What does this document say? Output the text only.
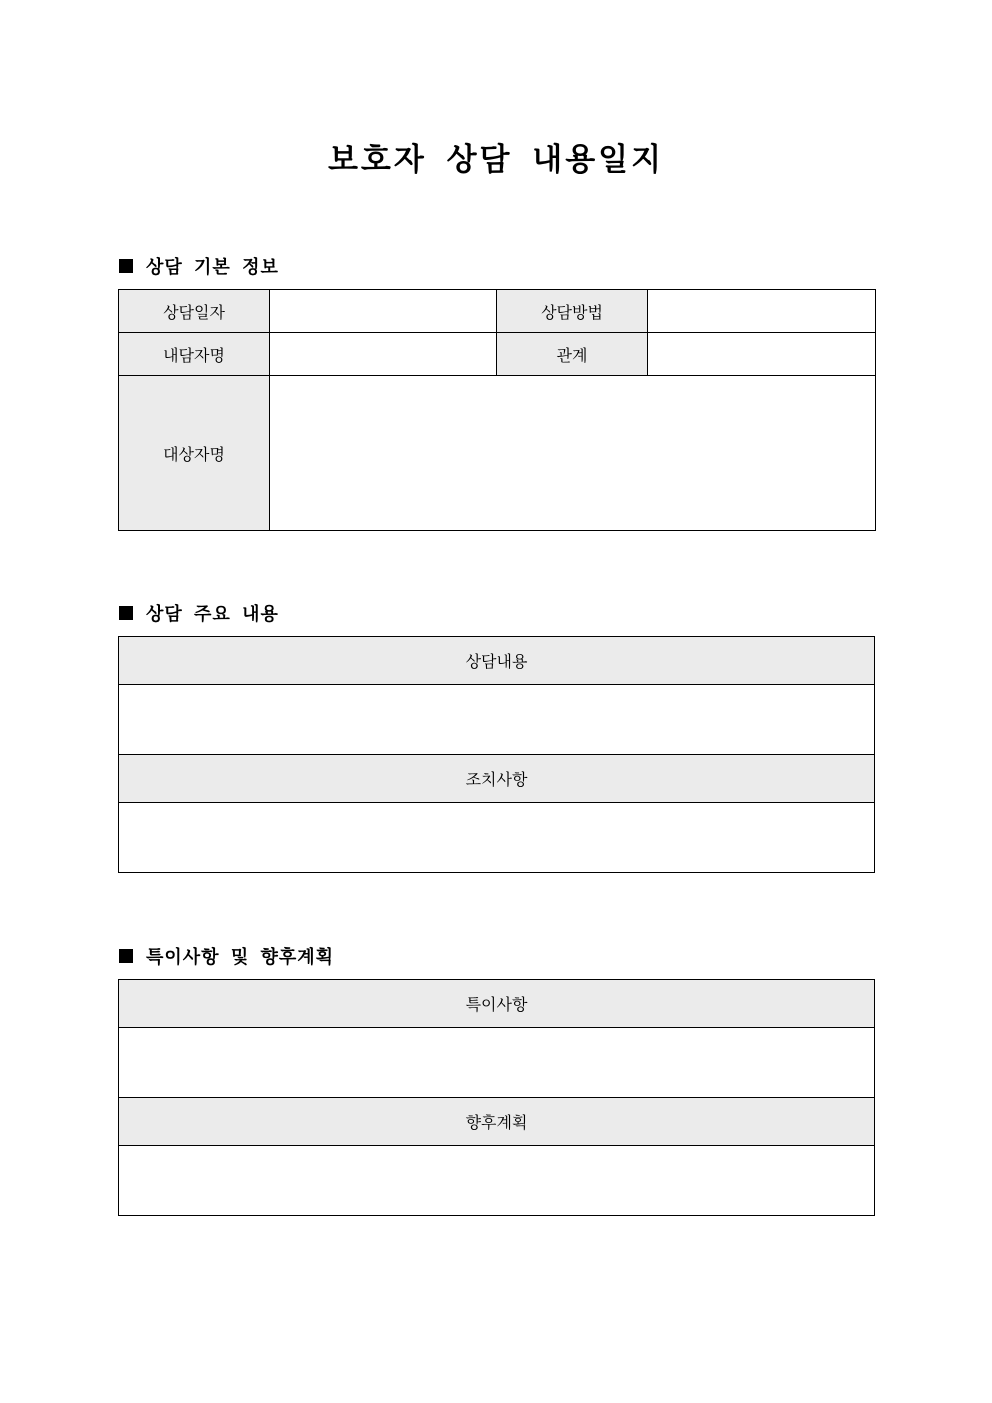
보호자 상담 내용일지
상담 기본 정보
상담일자		상담방법	
내담자명		관계	
대상자명			
상담 주요 내용
상담내용

조치사항

특이사항 및 향후계획
특이사항

향후계획
